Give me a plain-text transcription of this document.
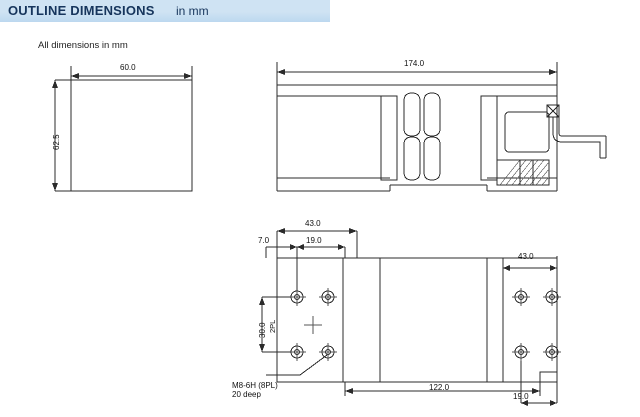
OUTLINE DIMENSIONS in mm
All dimensions in mm
60.0
62.5
174.0
43.0
7.0	19.0
30.0 2PL
43.0
122.0
19.0
M8-6H (8PL)
20 deep
